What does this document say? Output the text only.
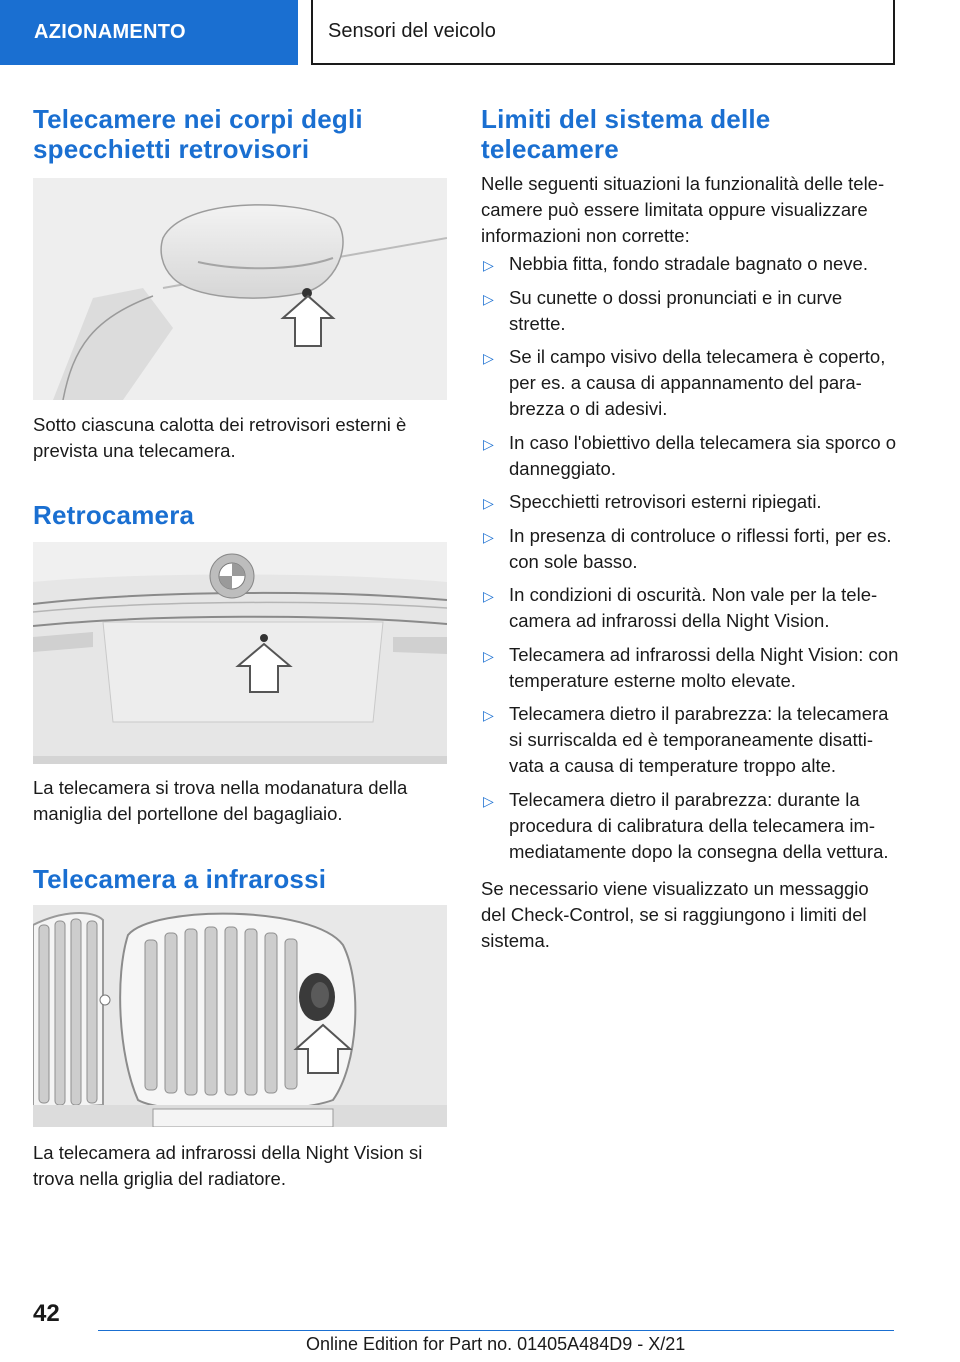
AZIONAMENTO	Sensori del veicolo
Telecamere nei corpi degli specchietti retrovisori

Sotto ciascuna calotta dei retrovisori esterni è prevista una telecamera.

Retrocamera

La telecamera si trova nella modanatura della maniglia del portellone del bagagliaio.

Telecamera a infrarossi

La telecamera ad infrarossi della Night Vision si trova nella griglia del radiatore.

Limiti del sistema delle telecamere

Nelle seguenti situazioni la funzionalità delle telecamere può essere limitata oppure visualizzare informazioni non corrette:

▷ Nebbia fitta, fondo stradale bagnato o neve.
▷ Su cunette o dossi pronunciati e in curve strette.
▷ Se il campo visivo della telecamera è coperto, per es. a causa di appannamento del parabrezza o di adesivi.
▷ In caso l'obiettivo della telecamera sia sporco o danneggiato.
▷ Specchietti retrovisori esterni ripiegati.
▷ In presenza di controluce o riflessi forti, per es. con sole basso.
▷ In condizioni di oscurità. Non vale per la telecamera ad infrarossi della Night Vision.
▷ Telecamera ad infrarossi della Night Vision: con temperature esterne molto elevate.
▷ Telecamera dietro il parabrezza: la telecamera si surriscalda ed è temporaneamente disattivata a causa di temperature troppo alte.
▷ Telecamera dietro il parabrezza: durante la procedura di calibratura della telecamera immediatamente dopo la consegna della vettura.

Se necessario viene visualizzato un messaggio del Check-Control, se si raggiungono i limiti del sistema.

42
Online Edition for Part no. 01405A484D9 - X/21
